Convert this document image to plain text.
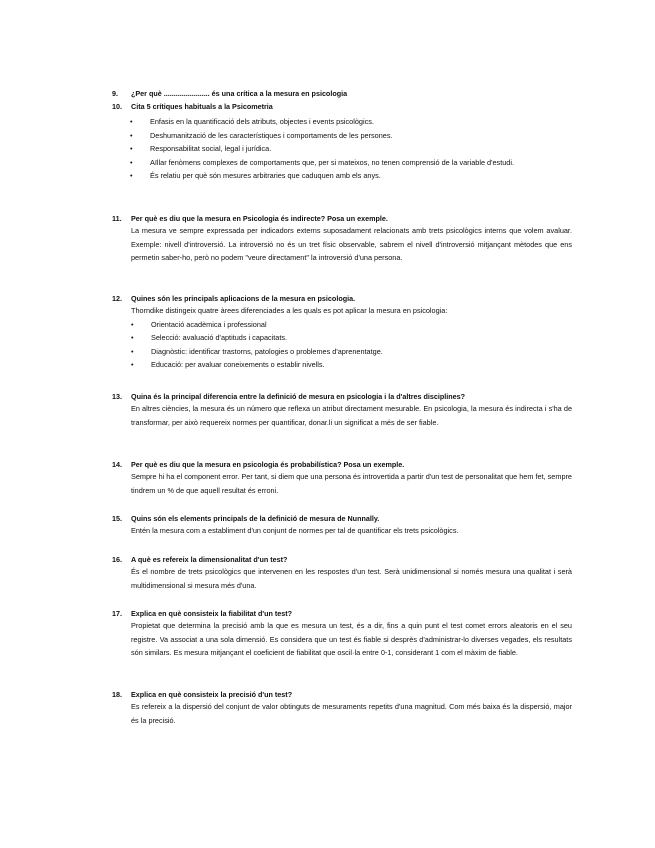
9.	¿Per què ....................... és una crítica a la mesura en psicologia
10.	Cita 5 crítiques habituals a la Psicometria
• Enfasis en la quantificació dels atributs, objectes i events psicològics.
• Deshumanització de les característiques i comportaments de les persones.
• Responsabilitat social, legal i jurídica.
• Aïllar fenòmens complexes de comportaments que, per si mateixos, no tenen comprensió de la variable d'estudi.
• És relatiu per què són mesures arbitraries que caduquen amb els anys.
11.	Per què es diu que la mesura en Psicologia és indirecte? Posa un exemple.
La mesura ve sempre expressada per indicadors externs suposadament relacionats amb trets psicològics interns que volem avaluar. Exemple: nivell d'introversió. La introversió no és un tret físic observable, sabrem el nivell d'introversió mitjançant mètodes que ens permetin saber-ho, però no podem "veure directament" la introversió d'una persona.
12.	Quines són les principals aplicacions de la mesura en psicologia.

Thorndike distingeix quatre àrees diferenciades a les quals es pot aplicar la mesura en psicologia:

• Orientació acadèmica i professional
• Selecció: avaluació d'aptituds i capacitats.
• Diagnòstic: identificar trastorns, patologies o problemes d'aprenentatge.
• Educació: per avaluar coneixements o establir nivells.
13.	Quina és la principal diferencia entre la definició de mesura en psicologia i la d'altres disciplines?
En altres ciències, la mesura és un número que reflexa un atribut directament mesurable. En psicologia, la mesura és indirecta i s'ha de transformar, per això requereix normes per quantificar, donar.li un significat a més de ser fiable.
14.	Per què es diu que la mesura en psicologia és probabilística? Posa un exemple.
Sempre hi ha el component error. Per tant, si diem que una persona és introvertida a partir d'un test de personalitat que hem fet, sempre tindrem un % de que aquell resultat és erroni.
15.	Quins són els elements principals de la definició de mesura de Nunnally.
Entén la mesura com a establiment d'un conjunt de normes per tal de quantificar els trets psicològics.
16.	A què es refereix la dimensionalitat d'un test?
És el nombre de trets psicològics que intervenen en les respostes d'un test. Serà unidimensional si només mesura una qualitat i serà multidimensional si mesura més d'una.
17.	Explica en què consisteix la fiabilitat d'un test?
Propietat que determina la precisió amb la que es mesura un test, és a dir, fins a quin punt el test comet errors aleatoris en el seu registre. Va associat a una sola dimensió. Es considera que un test és fiable si desprès d'administrar-lo diverses vegades, els resultats són similars. Es mesura mitjançant el coeficient de fiabilitat que oscil·la entre 0-1, considerant 1 com el màxim de fiable.
18.	Explica en què consisteix la precisió d'un test?
Es refereix a la dispersió del conjunt de valor obtinguts de mesuraments repetits d'una magnitud. Com més baixa és la dispersió, major és la precisió.
